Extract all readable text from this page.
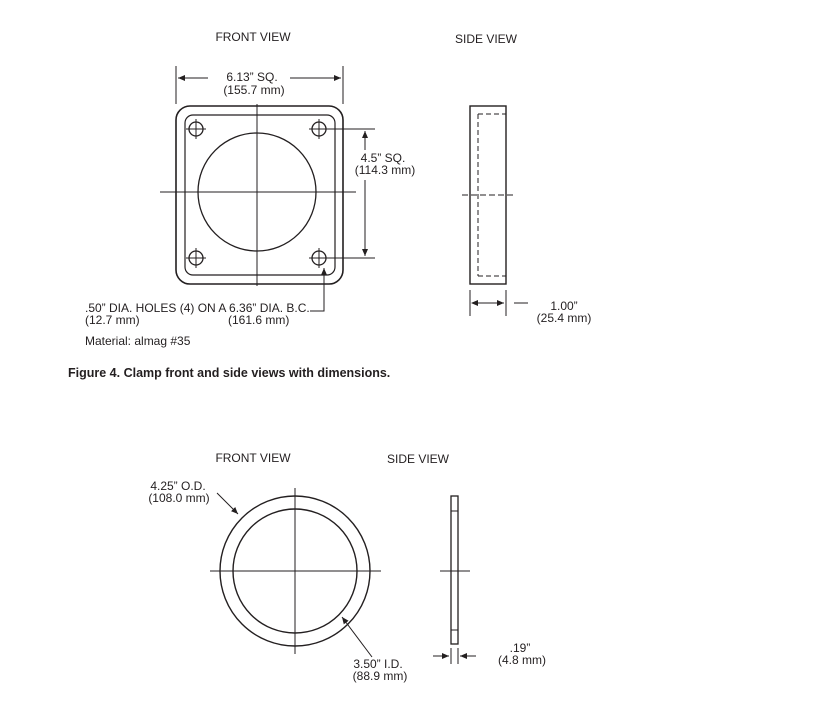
FRONT VIEW	SIDE VIEW
6.13” SQ.
(155.7 mm)
4.5” SQ.
(114.3 mm)
.50” DIA. HOLES (4) ON A 6.36” DIA. B.C.
(12.7 mm)	(161.6 mm)
Material: almag #35
1.00”
(25.4 mm)
Figure 4. Clamp front and side views with dimensions.
FRONT VIEW	SIDE VIEW
4.25” O.D.
(108.0 mm)
3.50” I.D.
(88.9 mm)
.19”
(4.8 mm)
